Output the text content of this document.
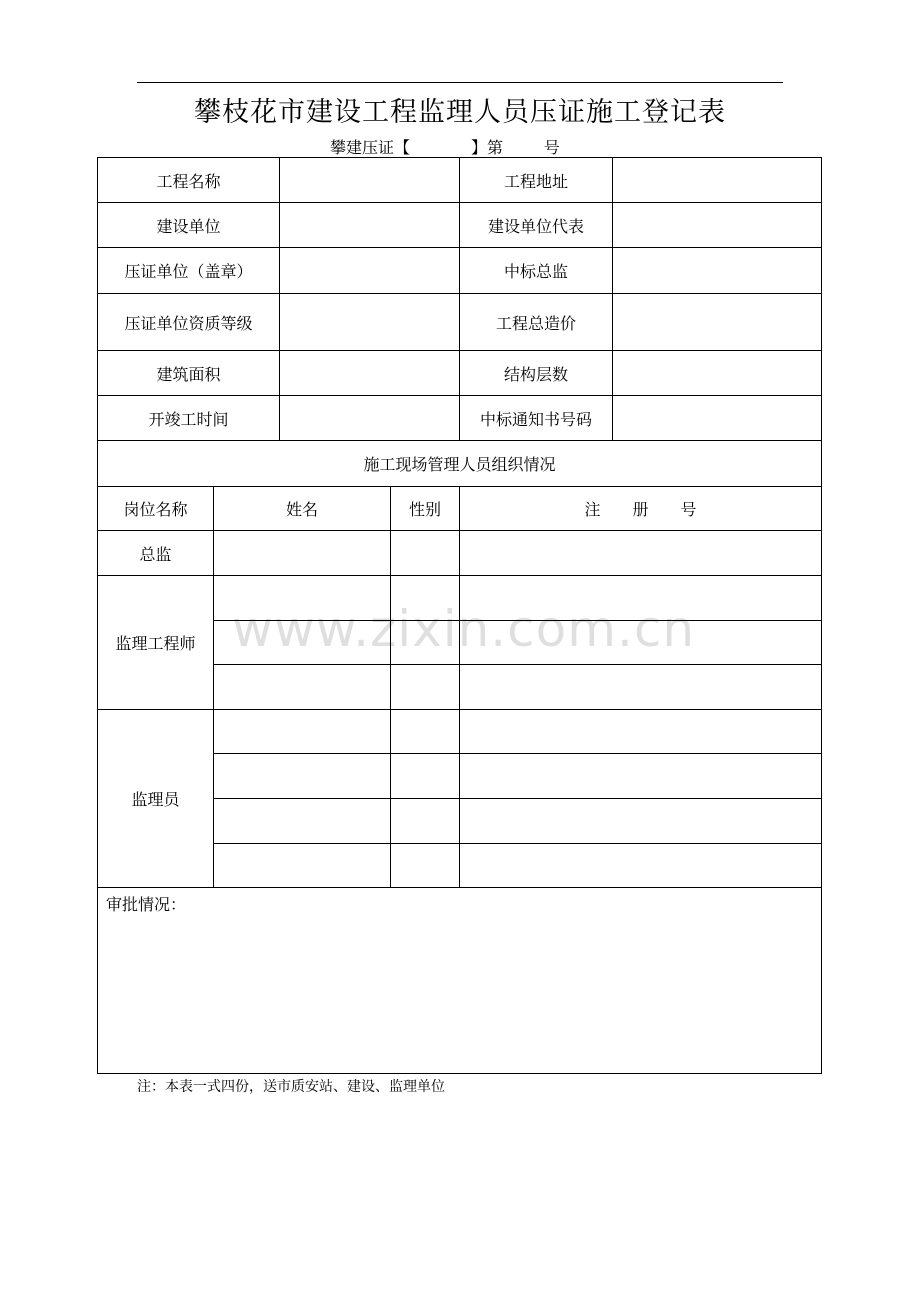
攀枝花市建设工程监理人员压证施工登记表
攀建压证【	】第	号
工程名称	工程地址
建设单位	建设单位代表
压证单位（盖章）	中标总监
压证单位资质等级	工程总造价
建筑面积	结构层数
开竣工时间	中标通知书号码
施工现场管理人员组织情况
岗位名称	姓名	性别	注　　册　　号
总监
监理工程师
监理员
审批情况：
注：本表一式四份，送市质安站、建设、监理单位
www.zixin.com.cn
